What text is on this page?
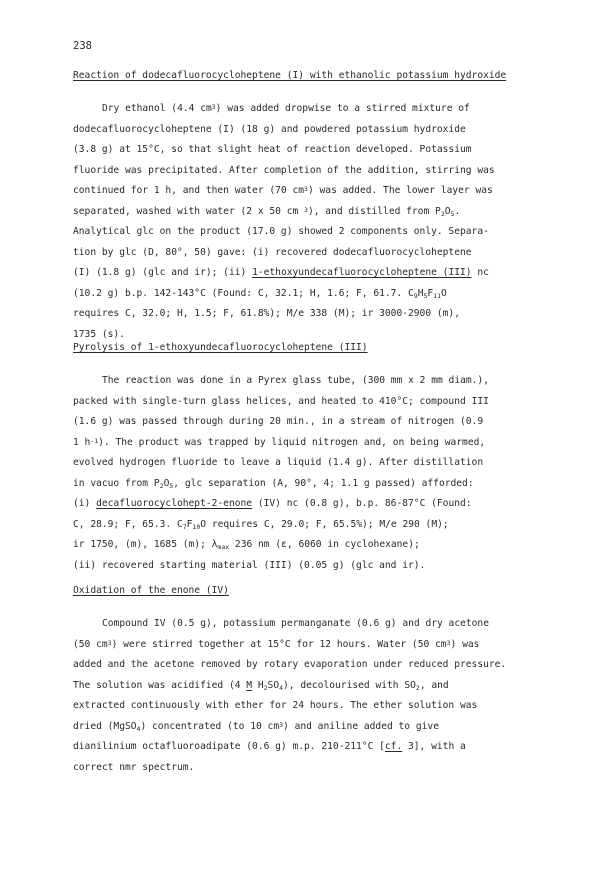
238

Reaction of dodecafluorocycloheptene (I) with ethanolic potassium hydroxide

Dry ethanol (4.4 $cm^3$) was added dropwise to a stirred mixture of
dodecafluorocycloheptene (I) (18 g) and powdered potassium hydroxide
(3.8 g) at 15°C, so that slight heat of reaction developed. Potassium
fluoride was precipitated. After completion of the addition, stirring was
continued for 1 h, and then water (70 $cm^3$) was added. The lower layer was
separated, washed with water (2 x 50 cm $^3$), and distilled from $P_2O_5$.
Analytical glc on the product (17.0 g) showed 2 components only. Separa-
tion by glc (D, 80°, 50) gave: (i) recovered dodecafluorocycloheptene
(I) (1.8 g) (glc and ir); (ii) 1-ethoxyundecafluorocycloheptene (III) nc
(10.2 g) b.p. 142-143°C (Found: C, 32.1; H, 1.6; F, 61.7. $C_9H_5F_{11}O$
requires C, 32.0; H, 1.5; F, 61.8%); M/e 338 (M); ir 3000-2900 (m),
1735 (s).

Pyrolysis of 1-ethoxyundecafluorocycloheptene (III)

The reaction was done in a Pyrex glass tube, (300 mm x 2 mm diam.),
packed with single-turn glass helices, and heated to 410°C; compound III
(1.6 g) was passed through during 20 min., in a stream of nitrogen (0.9
1 $h^{-1}$). The product was trapped by liquid nitrogen and, on being warmed,
evolved hydrogen fluoride to leave a liquid (1.4 g). After distillation
in vacuo from $P_2O_5$, glc separation (A, 90°, 4; 1.1 g passed) afforded:
(i) decafluorocyclohept-2-enone (IV) nc (0.8 g), b.p. 86-87°C (Found:
C, 28.9; F, 65.3. $C_7F_{10}O$ requires C, 29.0; F, 65.5%); M/e 290 (M);
ir 1750, (m), 1685 (m); $\lambda_{max}$ 236 nm (ε, 6060 in cyclohexane);
(ii) recovered starting material (III) (0.05 g) (glc and ir).

Oxidation of the enone (IV)

Compound IV (0.5 g), potassium permanganate (0.6 g) and dry acetone
(50 $cm^3$) were stirred together at 15°C for 12 hours. Water (50 $cm^3$) was
added and the acetone removed by rotary evaporation under reduced pressure.
The solution was acidified (4 M $H_2SO_4$), decolourised with $SO_2$, and
extracted continuously with ether for 24 hours. The ether solution was
dried (MgSO$_4$) concentrated (to 10 $cm^3$) and aniline added to give
dianilinium octafluoroadipate (0.6 g) m.p. 210-211°C [cf. 3], with a
correct nmr spectrum.
